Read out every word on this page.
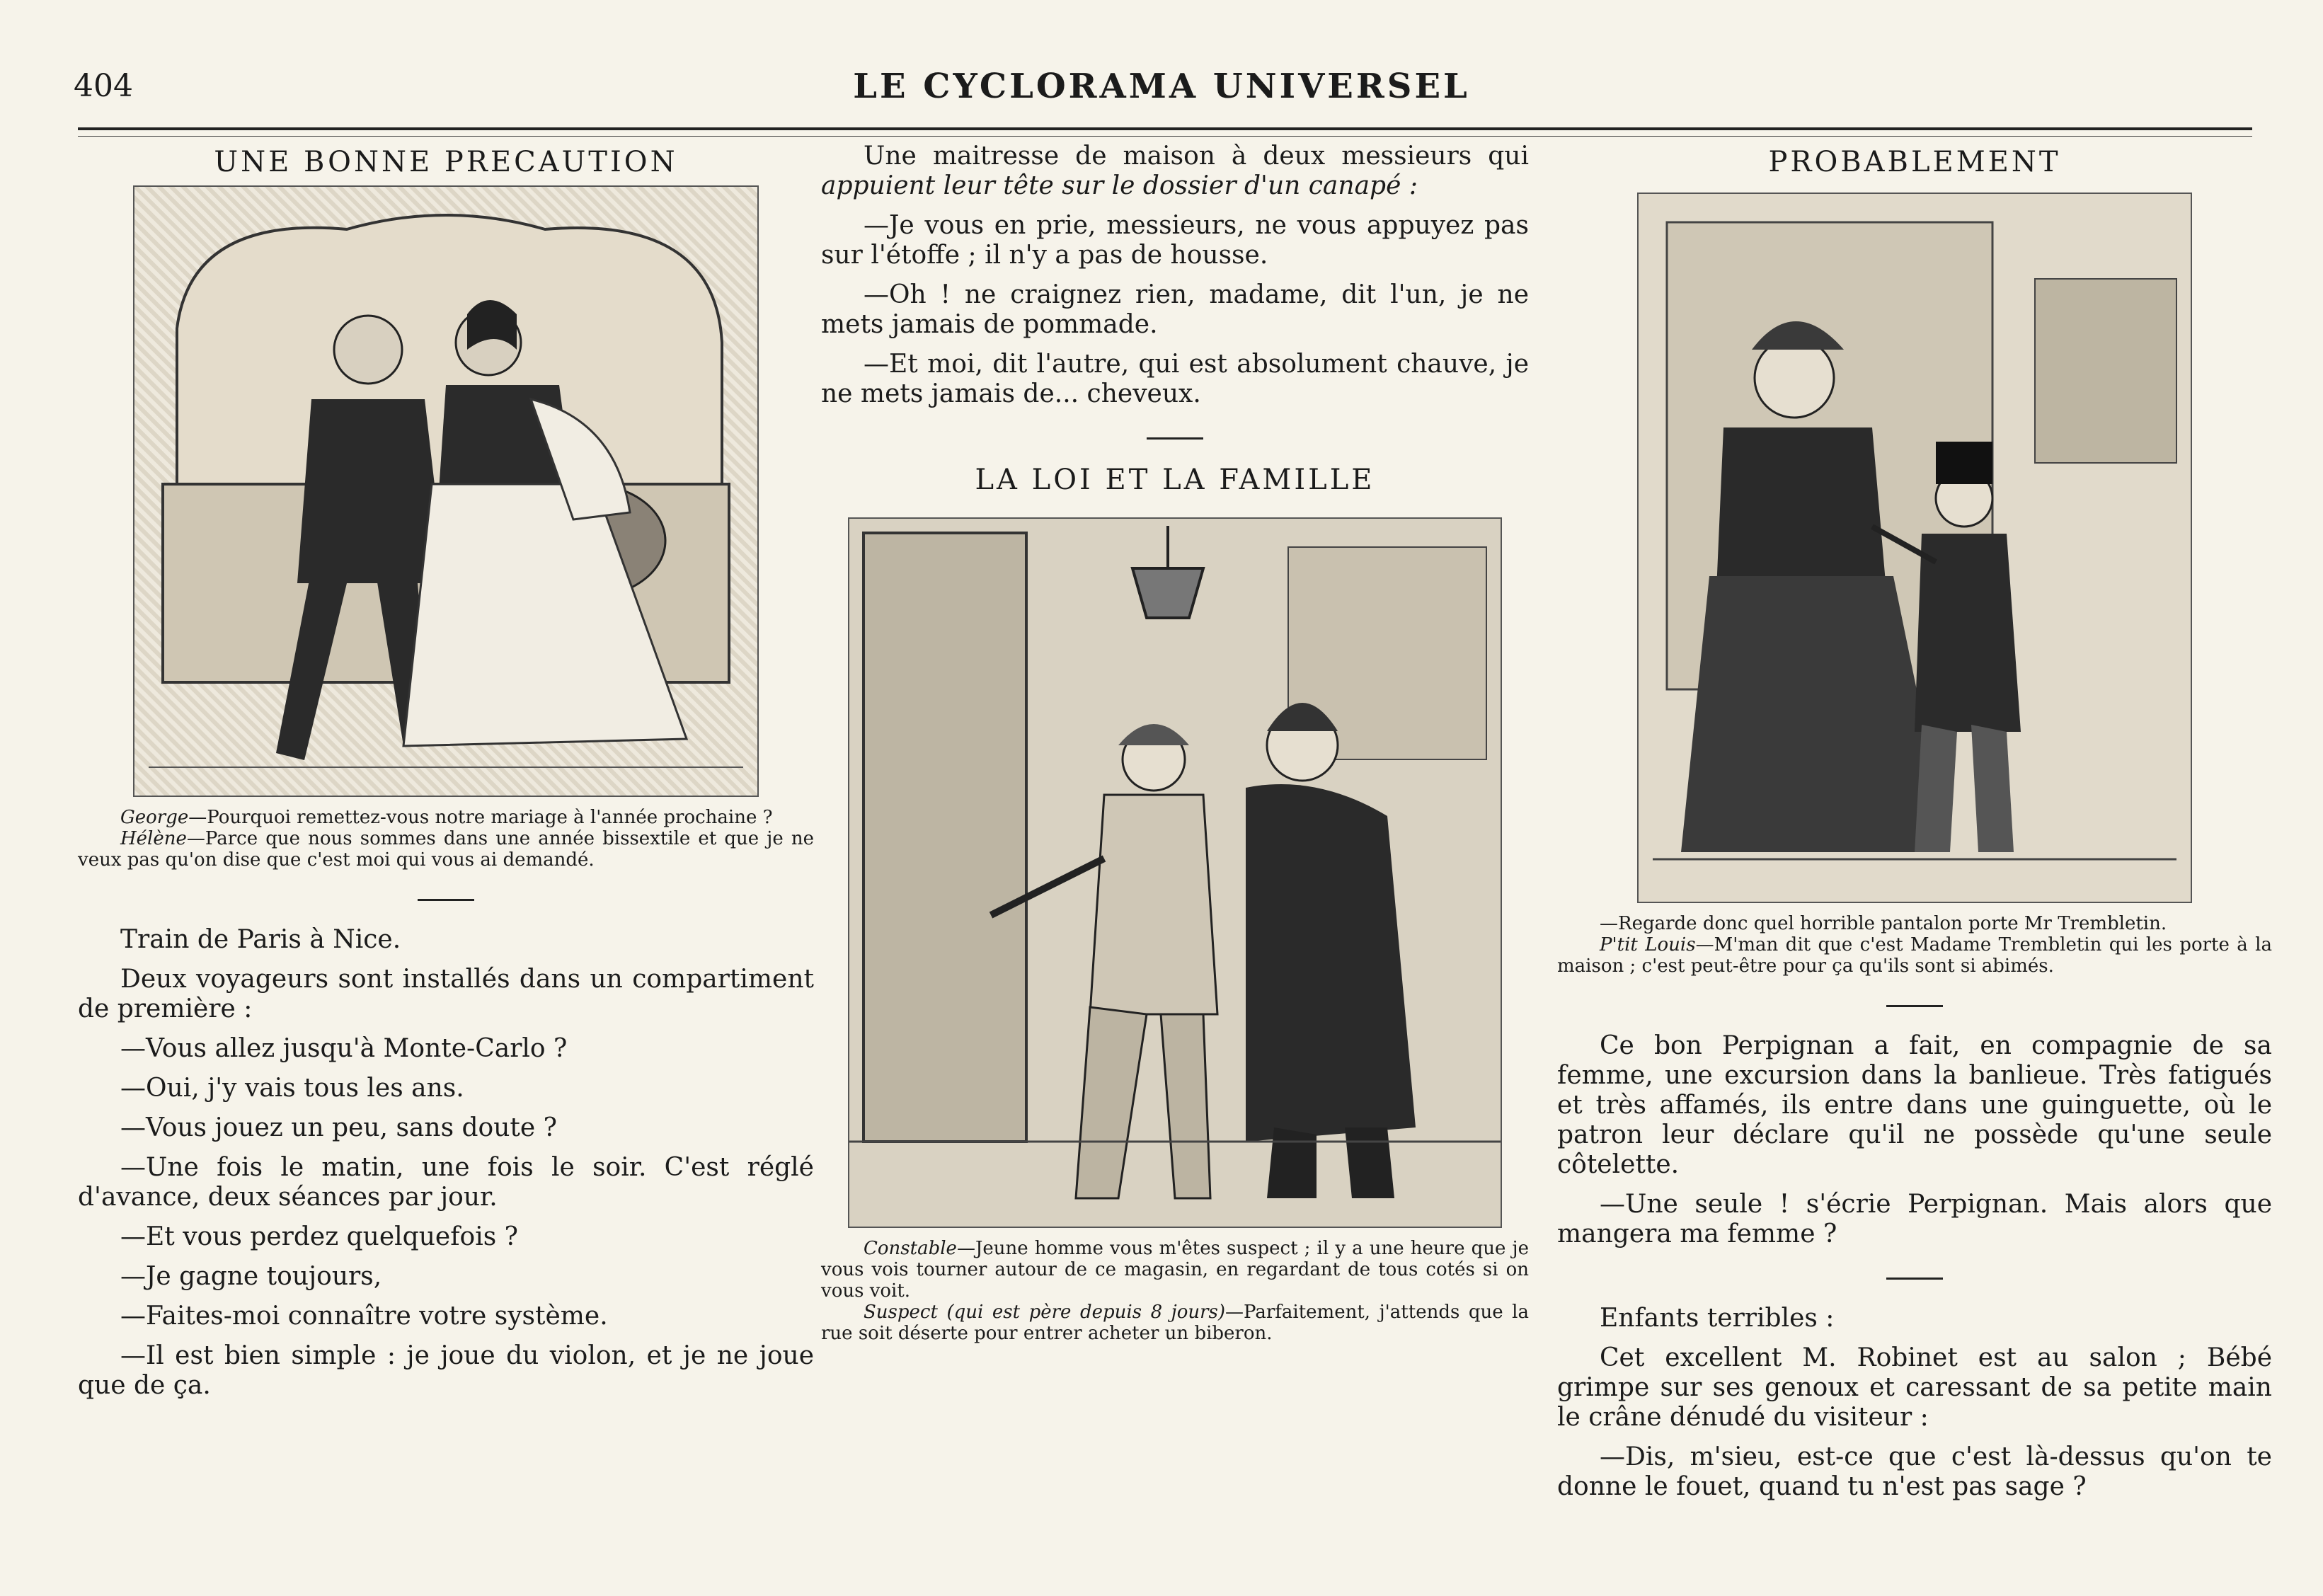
404	LE CYCLORAMA UNIVERSEL
UNE BONNE PRECAUTION

George—Pourquoi remettez-vous notre mariage à l'année prochaine ?

Hélène—Parce que nous sommes dans une année bissextile et que je ne veux pas qu'on dise que c'est moi qui vous ai demandé.

Train de Paris à Nice.

Deux voyageurs sont installés dans un compartiment de première :

—Vous allez jusqu'à Monte-Carlo ?

—Oui, j'y vais tous les ans.

—Vous jouez un peu, sans doute ?

—Une fois le matin, une fois le soir. C'est réglé d'avance, deux séances par jour.

—Et vous perdez quelquefois ?

—Je gagne toujours,

—Faites-moi connaître votre système.

—Il est bien simple : je joue du violon, et je ne joue que de ça.

Une maitresse de maison à deux messieurs qui appuient leur tête sur le dossier d'un canapé :

—Je vous en prie, messieurs, ne vous appuyez pas sur l'étoffe ; il n'y a pas de housse.

—Oh ! ne craignez rien, madame, dit l'un, je ne mets jamais de pommade.

—Et moi, dit l'autre, qui est absolument chauve, je ne mets jamais de... cheveux.

LA LOI ET LA FAMILLE

Constable—Jeune homme vous m'êtes suspect ; il y a une heure que je vous vois tourner autour de ce magasin, en regardant de tous cotés si on vous voit.

Suspect (qui est père depuis 8 jours)—Parfaitement, j'attends que la rue soit déserte pour entrer acheter un biberon.

PROBABLEMENT

—Regarde donc quel horrible pantalon porte Mr Trembletin.

P'tit Louis—M'man dit que c'est Madame Trembletin qui les porte à la maison ; c'est peut-être pour ça qu'ils sont si abimés.

Ce bon Perpignan a fait, en compagnie de sa femme, une excursion dans la banlieue. Très fatigués et très affamés, ils entre dans une guinguette, où le patron leur déclare qu'il ne possède qu'une seule côtelette.

—Une seule ! s'écrie Perpignan. Mais alors que mangera ma femme ?

Enfants terribles :

Cet excellent M. Robinet est au salon ; Bébé grimpe sur ses genoux et caressant de sa petite main le crâne dénudé du visiteur :

—Dis, m'sieu, est-ce que c'est là-dessus qu'on te donne le fouet, quand tu n'est pas sage ?
